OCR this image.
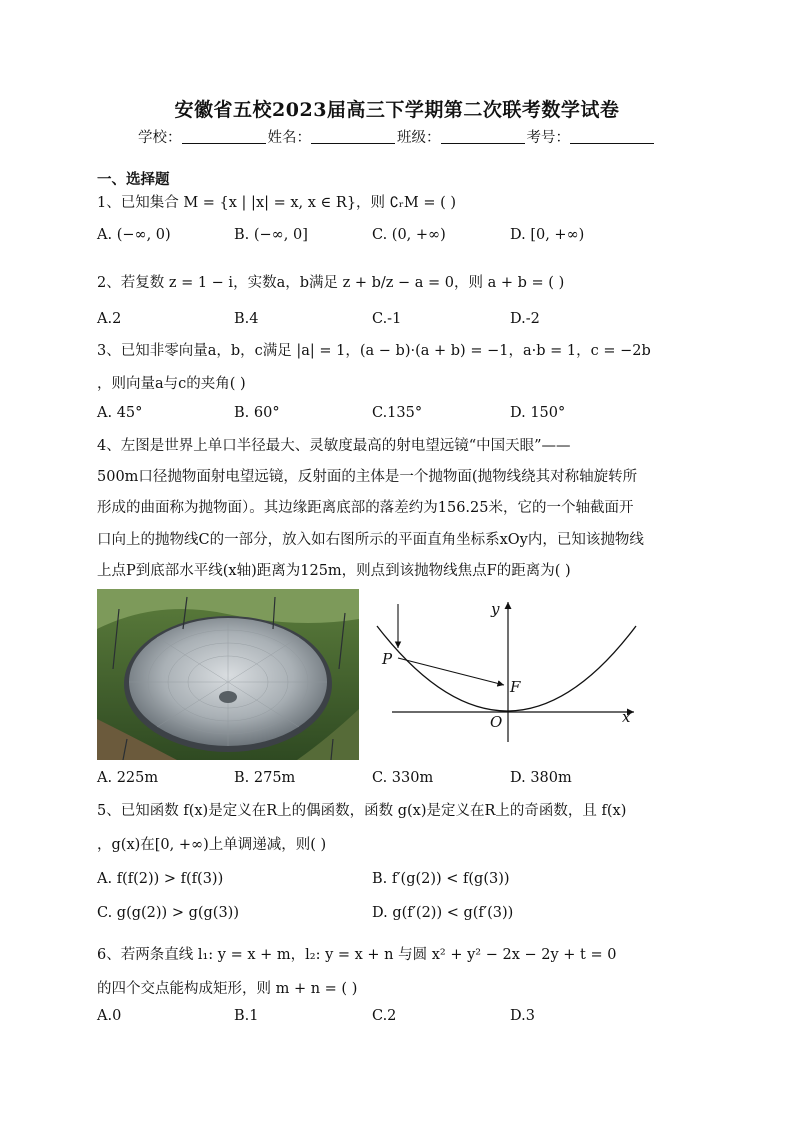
安徽省五校2023届高三下学期第二次联考数学试卷
学校：	姓名：	班级：	考号：
一、选择题
1、已知集合 M = {x | |x| = x, x ∈ R}，则 ∁ᵣM = ( )
A. (−∞, 0)	B. (−∞, 0]	C. (0, +∞)	D. [0, +∞)
2、若复数 z = 1 − i，实数a，b满足 z + b/z − a = 0，则 a + b = ( )
A.2	B.4	C.-1	D.-2
3、已知非零向量a，b，c满足 |a| = 1，(a − b)·(a + b) = −1，a·b = 1，c = −2b
，则向量a与c的夹角( )
A. 45°	B. 60°	C.135°	D. 150°
4、左图是世界上单口半径最大、灵敏度最高的射电望远镜“中国天眼”——
500m口径抛物面射电望远镜，反射面的主体是一个抛物面(抛物线绕其对称轴旋转所
形成的曲面称为抛物面）。其边缘距离底部的落差约为156.25米，它的一个轴截面开
口向上的抛物线C的一部分，放入如右图所示的平面直角坐标系xOy内，已知该抛物线
上点P到底部水平线(x轴)距离为125m，则点到该抛物线焦点F的距离为( )
y
x
P
F
O
A. 225m	B. 275m	C. 330m	D. 380m
5、已知函数 f(x)是定义在R上的偶函数，函数 g(x)是定义在R上的奇函数，且 f(x)
，g(x)在[0, +∞)上单调递减，则( )
A. f(f(2)) > f(f(3))	B. f′(g(2)) < f(g(3))
C. g(g(2)) > g(g(3))	D. g(f′(2)) < g(f′(3))
6、若两条直线 l₁: y = x + m，l₂: y = x + n 与圆 x² + y² − 2x − 2y + t = 0
的四个交点能构成矩形，则 m + n = ( )
A.0	B.1	C.2	D.3
